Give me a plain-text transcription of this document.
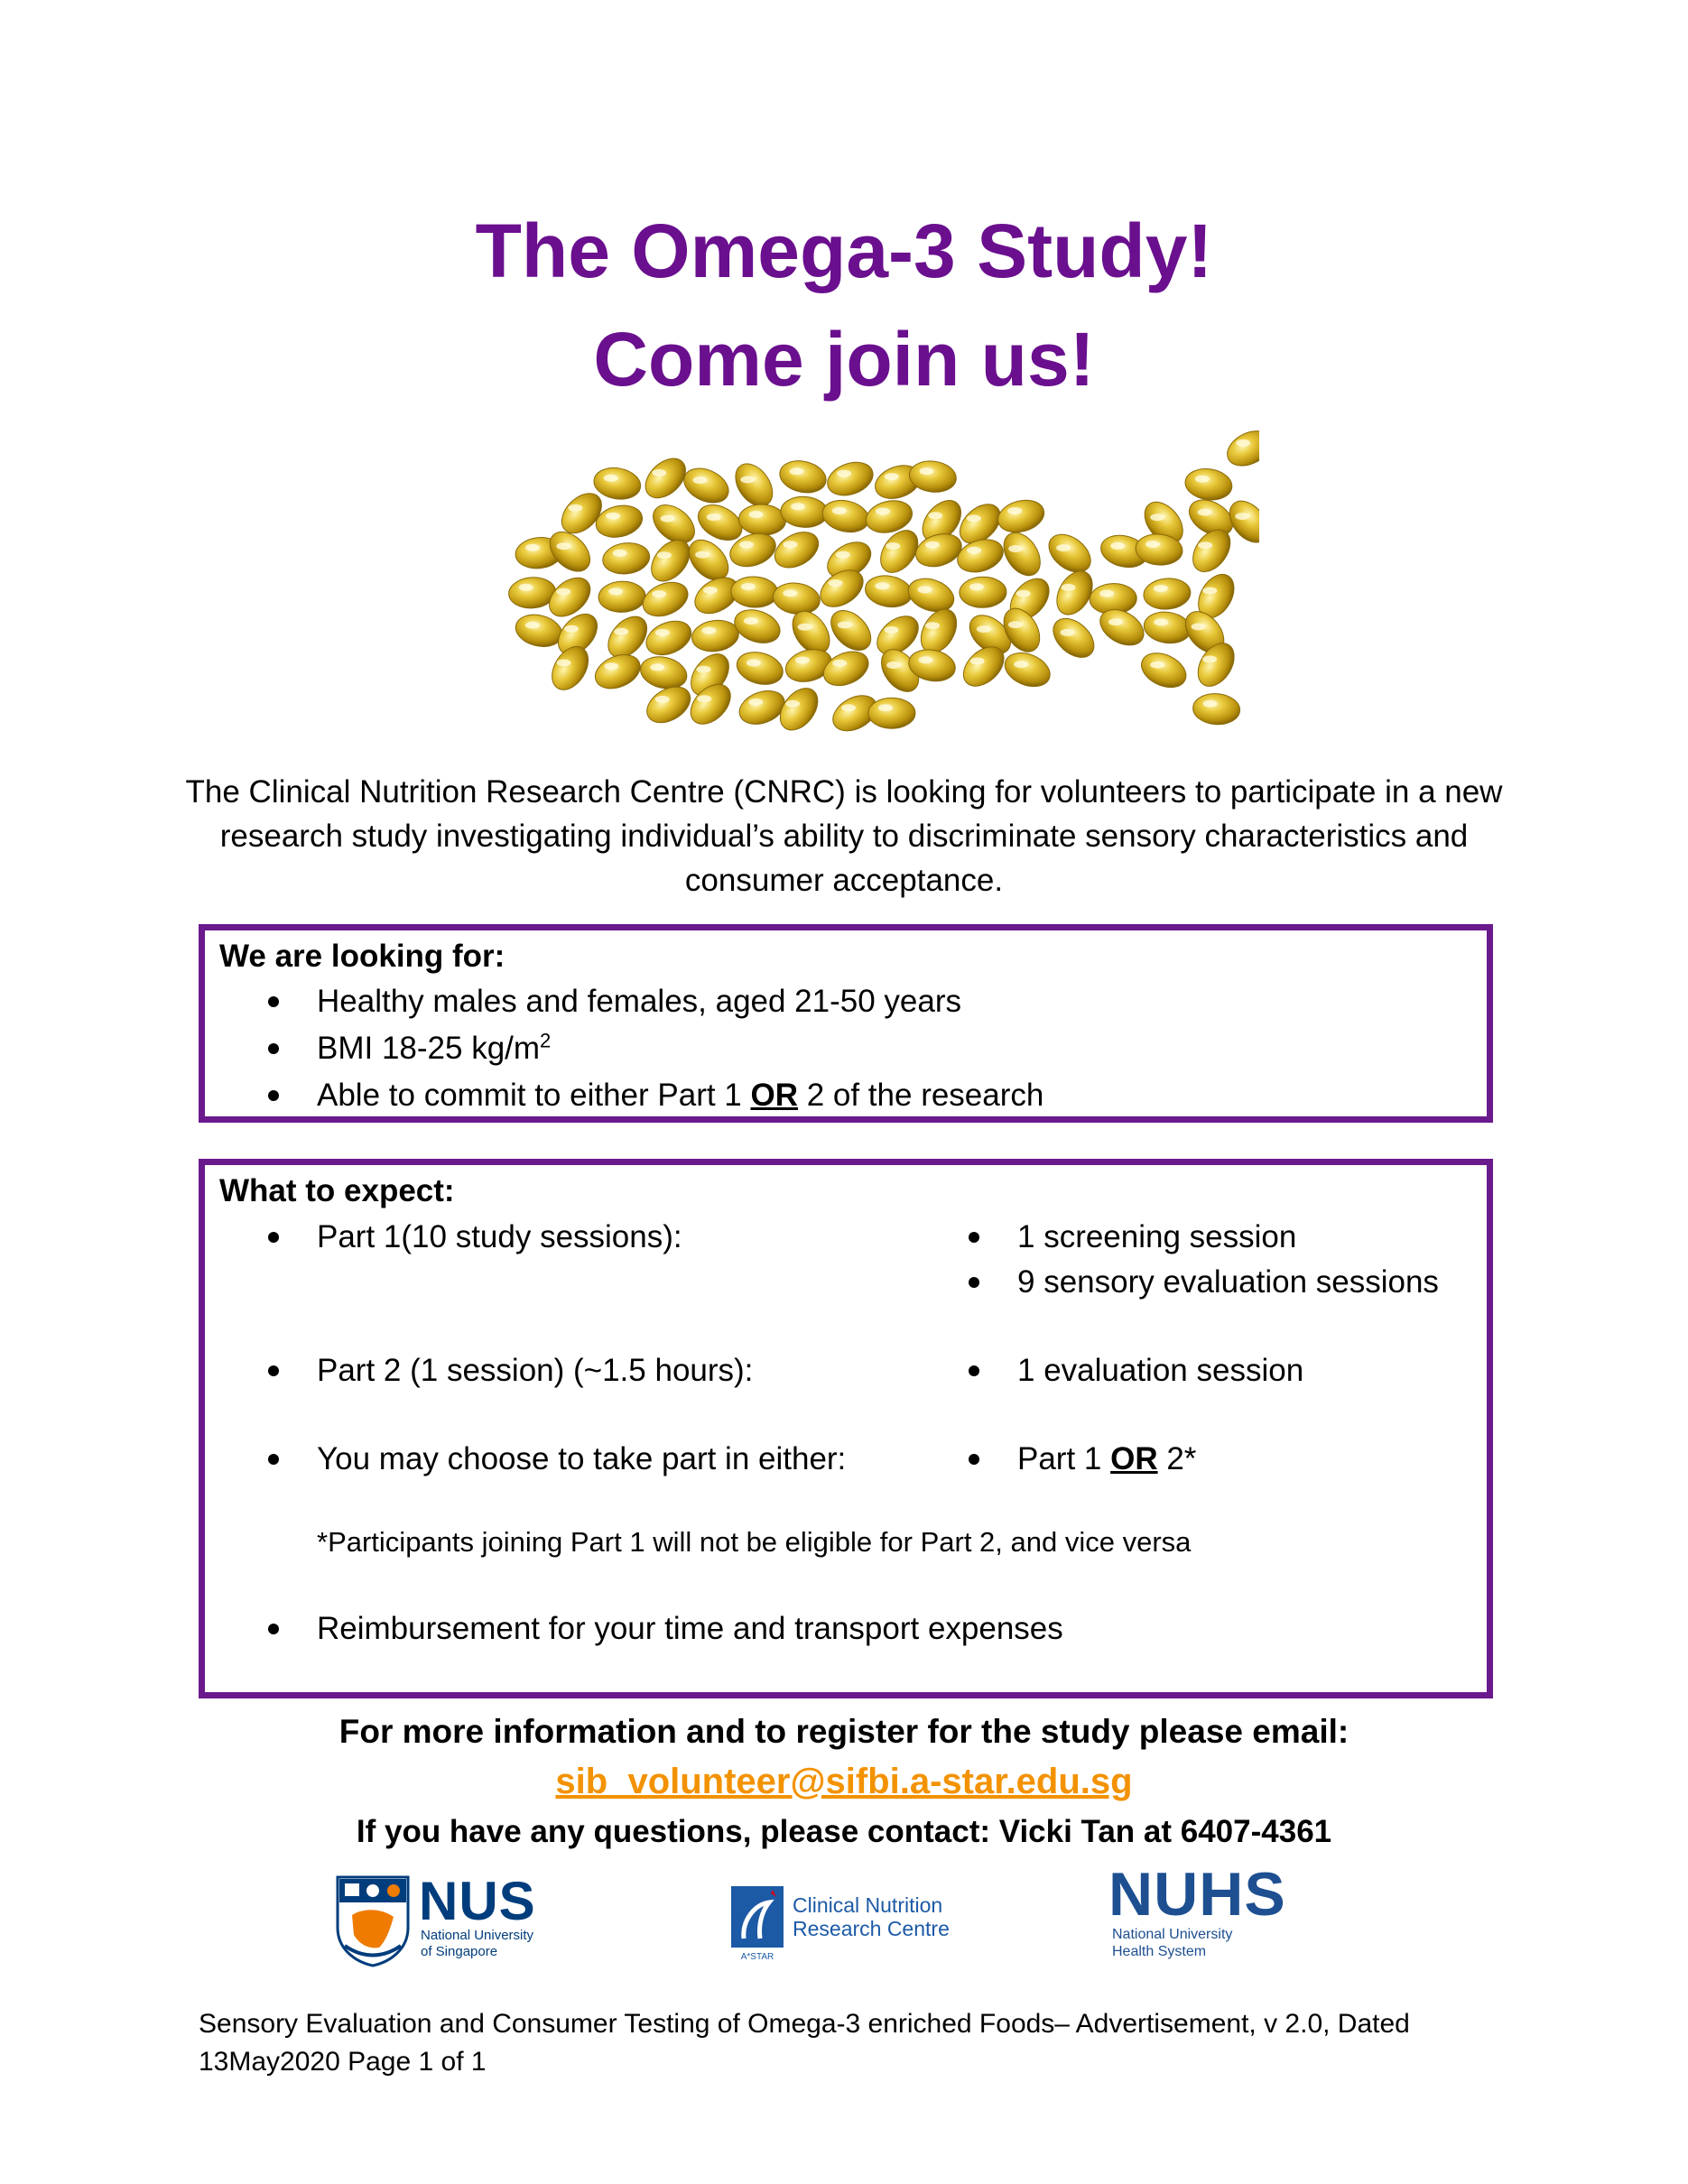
The Omega-3 Study!
Come join us!
The Clinical Nutrition Research Centre (CNRC) is looking for volunteers to participate in a new research study investigating individual’s ability to discriminate sensory characteristics and consumer acceptance.
We are looking for:
Healthy males and females, aged 21-50 years
BMI 18-25 $kg/m^2$
Able to commit to either Part 1 OR 2 of the research
What to expect:
Part 1(10 study sessions):	1 screening session
9 sensory evaluation sessions
Part 2 (1 session) (~1.5 hours):	1 evaluation session
You may choose to take part in either:	Part 1 OR 2*
*Participants joining Part 1 will not be eligible for Part 2, and vice versa
Reimbursement for your time and transport expenses
For more information and to register for the study please email:
sib_volunteer@sifbi.a-star.edu.sg
If you have any questions, please contact: Vicki Tan at 6407-4361
NUS
National University
of Singapore	A*STAR
Clinical Nutrition
Research Centre	NUHS
National University
Health System
Sensory Evaluation and Consumer Testing of Omega-3 enriched Foods– Advertisement, v 2.0, Dated 13May2020 Page 1 of 1
